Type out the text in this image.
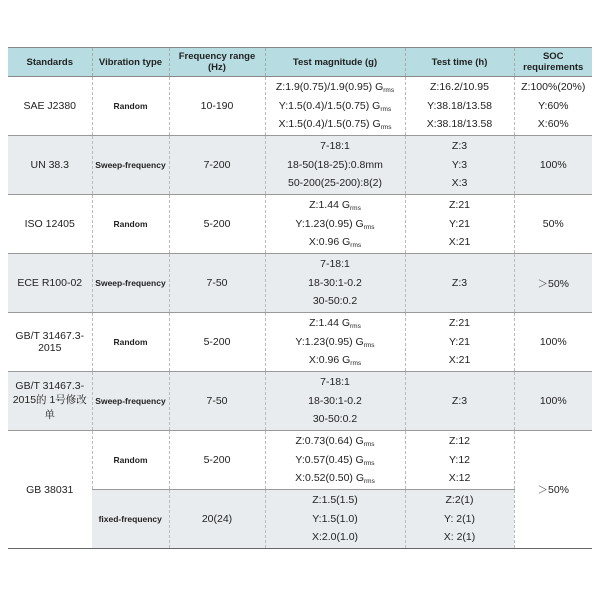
Standards	Vibration type	Frequency range (Hz)	Test magnitude (g)	Test time (h)	SOC requirements
SAE J2380	Random	10-190	Z:1.9(0.75)/1.9(0.95) $G_{rms}$
Y:1.5(0.4)/1.5(0.75) $G_{rms}$
X:1.5(0.4)/1.5(0.75) $G_{rms}$	Z:16.2/10.95
Y:38.18/13.58
X:38.18/13.58	Z:100%(20%)
Y:60%
X:60%

UN 38.3	Sweep-frequency	7-200	7-18:1
18-50(18-25):0.8mm
50-200(25-200):8(2)	Z:3
Y:3
X:3	100%
ISO 12405	Random	5-200	Z:1.44 $G_{rms}$
Y:1.23(0.95) $G_{rms}$
X:0.96 $G_{rms}$	Z:21
Y:21
X:21	50%
ECE R100-02	Sweep-frequency	7-50	7-18:1
18-30:1-0.2
30-50:0.2	Z:3	＞50%
GB/T 31467.3-2015	Random	5-200	Z:1.44 $G_{rms}$
Y:1.23(0.95) $G_{rms}$
X:0.96 $G_{rms}$	Z:21
Y:21
X:21	100%
GB/T 31467.3-2015的 1号修改单	Sweep-frequency	7-50	7-18:1
18-30:1-0.2
30-50:0.2	Z:3	100%
GB 38031	Random	5-200	Z:0.73(0.64) $G_{rms}$
Y:0.57(0.45) $G_{rms}$
X:0.52(0.50) $G_{rms}$	Z:12
Y:12
X:12	＞50%
	fixed-frequency	20(24)	Z:1.5(1.5)
Y:1.5(1.0)
X:2.0(1.0)	Z:2(1)
Y: 2(1)
X: 2(1)	
